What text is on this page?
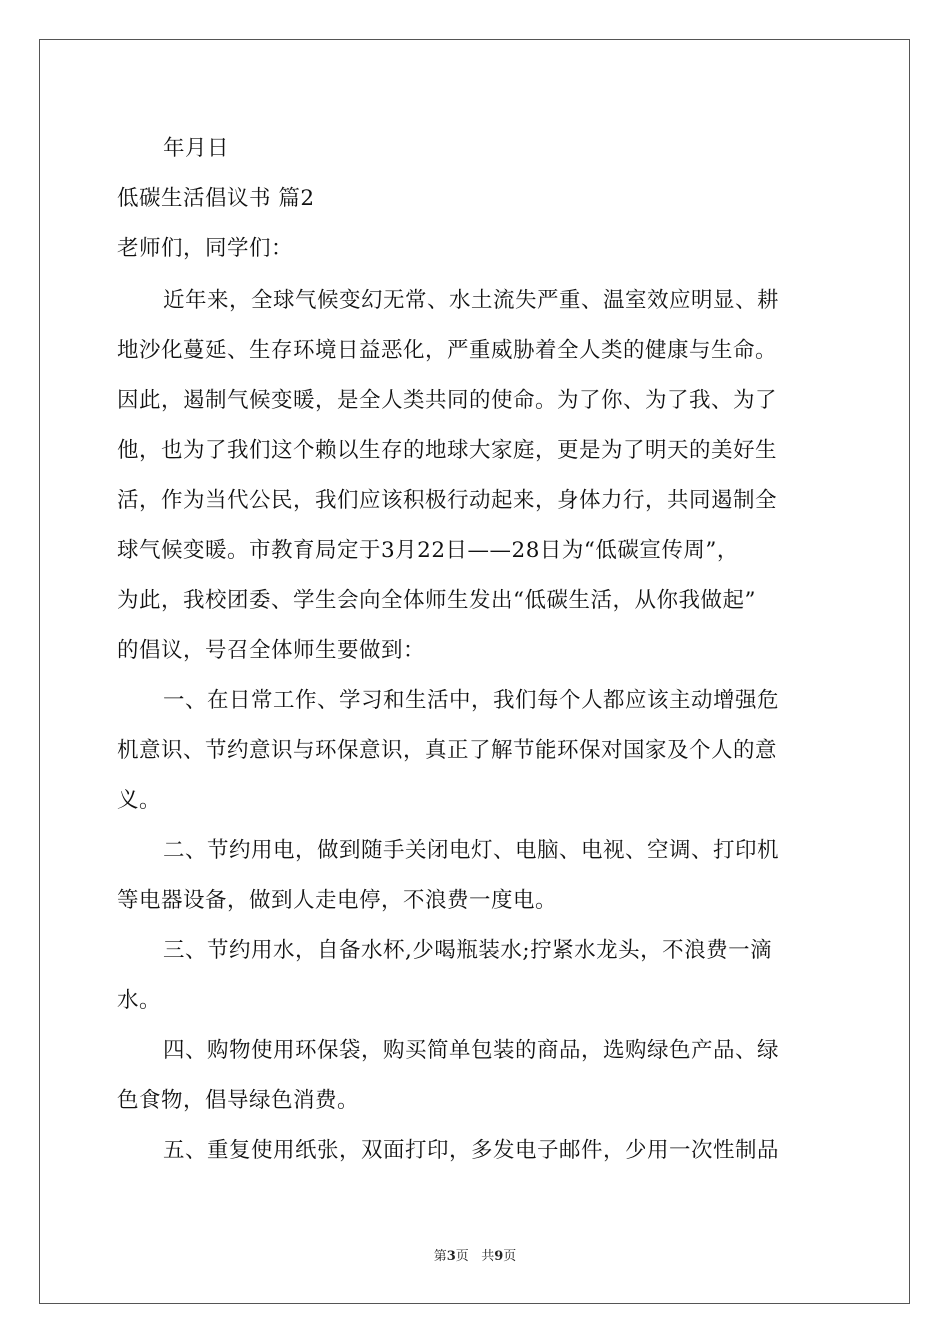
年月日
低碳生活倡议书 篇2
老师们，同学们：
近年来，全球气候变幻无常、水土流失严重、温室效应明显、耕
地沙化蔓延、生存环境日益恶化，严重威胁着全人类的健康与生命。
因此，遏制气候变暖，是全人类共同的使命。为了你、为了我、为了
他，也为了我们这个赖以生存的地球大家庭，更是为了明天的美好生
活，作为当代公民，我们应该积极行动起来，身体力行，共同遏制全
球气候变暖。市教育局定于3月22日——28日为“低碳宣传周”，
为此，我校团委、学生会向全体师生发出“低碳生活，从你我做起”
的倡议，号召全体师生要做到：
一、在日常工作、学习和生活中，我们每个人都应该主动增强危
机意识、节约意识与环保意识，真正了解节能环保对国家及个人的意
义。
二、节约用电，做到随手关闭电灯、电脑、电视、空调、打印机
等电器设备，做到人走电停，不浪费一度电。
三、节约用水，自备水杯,少喝瓶装水;拧紧水龙头，不浪费一滴
水。
四、购物使用环保袋，购买简单包装的商品，选购绿色产品、绿
色食物，倡导绿色消费。
五、重复使用纸张，双面打印，多发电子邮件，少用一次性制品
第3页 共9页
